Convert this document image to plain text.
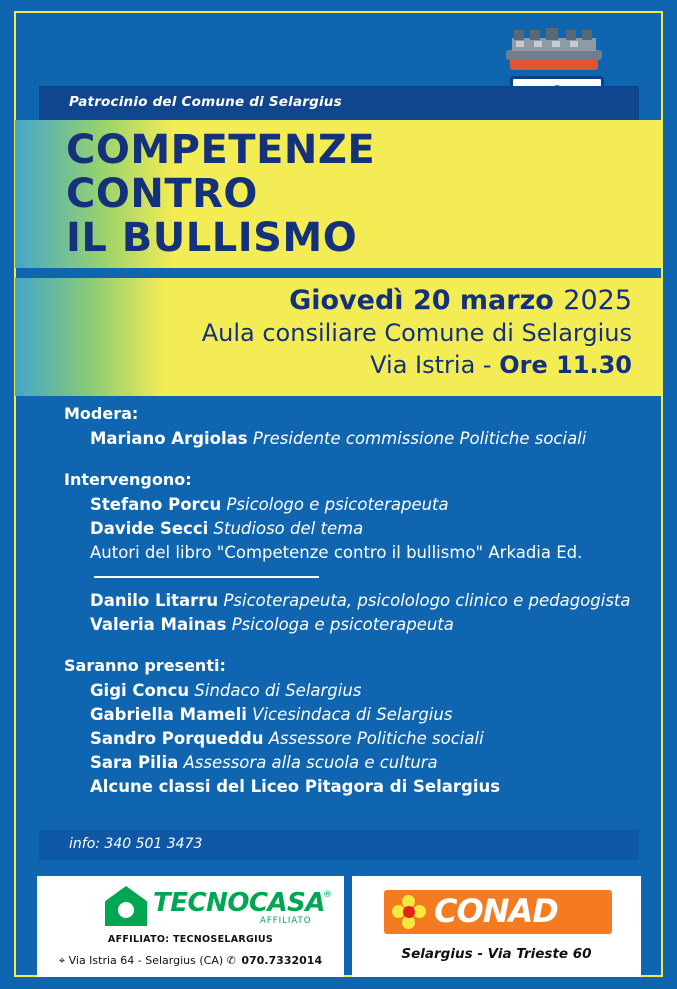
Patrocinio del Comune di Selargius
COMPETENZE
CONTRO
IL BULLISMO
Giovedì 20 marzo 2025
Aula consiliare Comune di Selargius
Via Istria - Ore 11.30
Modera:
Mariano Argiolas Presidente commissione Politiche sociali
Intervengono:
Stefano Porcu Psicologo e psicoterapeuta
Davide Secci Studioso del tema
Autori del libro "Competenze contro il bullismo" Arkadia Ed.
Danilo Litarru Psicoterapeuta, psicolologo clinico e pedagogista
Valeria Mainas Psicologa e psicoterapeuta
Saranno presenti:
Gigi Concu Sindaco di Selargius
Gabriella Mameli Vicesindaca di Selargius
Sandro Porqueddu Assessore Politiche sociali
Sara Pilia Assessora alla scuola e cultura
Alcune classi del Liceo Pitagora di Selargius
info: 340 501 3473
TECNOCASA
®
AFFILIATO
AFFILIATO: TECNOSELARGIUS
⌖ Via Istria 64 - Selargius (CA) ✆ 070.7332014
CONAD
Selargius - Via Trieste 60
